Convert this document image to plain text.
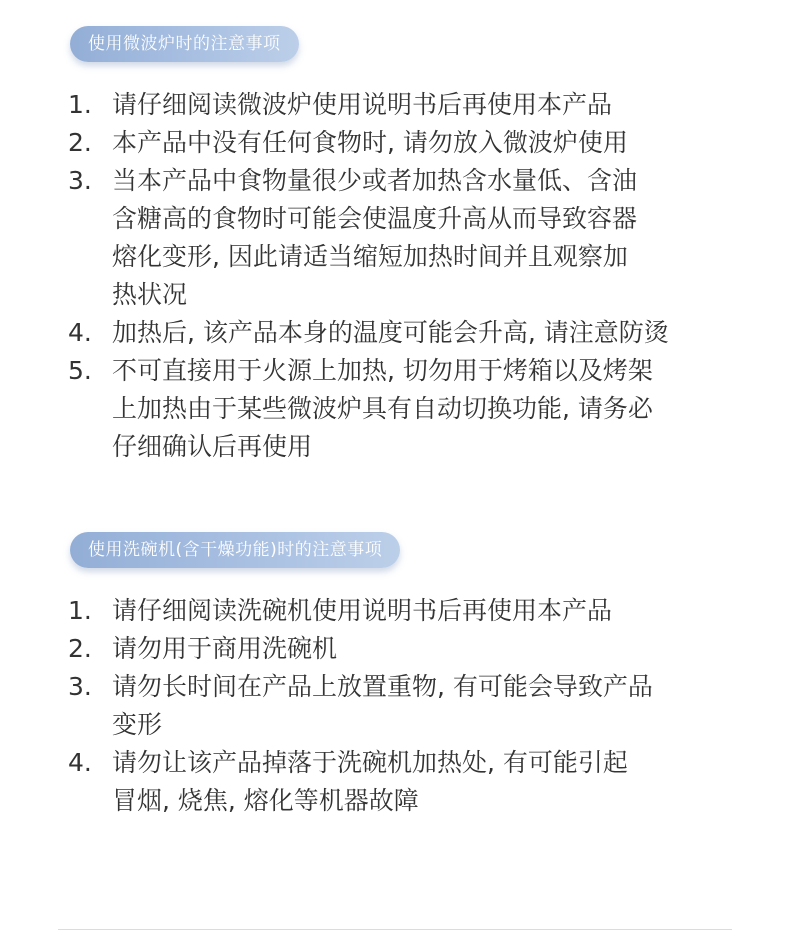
使用微波炉时的注意事项
1. 请仔细阅读微波炉使用说明书后再使用本产品
2. 本产品中没有任何食物时, 请勿放入微波炉使用
3. 当本产品中食物量很少或者加热含水量低、含油
含糖高的食物时可能会使温度升高从而导致容器
熔化变形, 因此请适当缩短加热时间并且观察加
热状况
4. 加热后, 该产品本身的温度可能会升高, 请注意防烫
5. 不可直接用于火源上加热, 切勿用于烤箱以及烤架
上加热由于某些微波炉具有自动切换功能, 请务必
仔细确认后再使用
使用洗碗机(含干燥功能)时的注意事项
1. 请仔细阅读洗碗机使用说明书后再使用本产品
2. 请勿用于商用洗碗机
3. 请勿长时间在产品上放置重物, 有可能会导致产品
变形
4. 请勿让该产品掉落于洗碗机加热处, 有可能引起
冒烟, 烧焦, 熔化等机器故障
